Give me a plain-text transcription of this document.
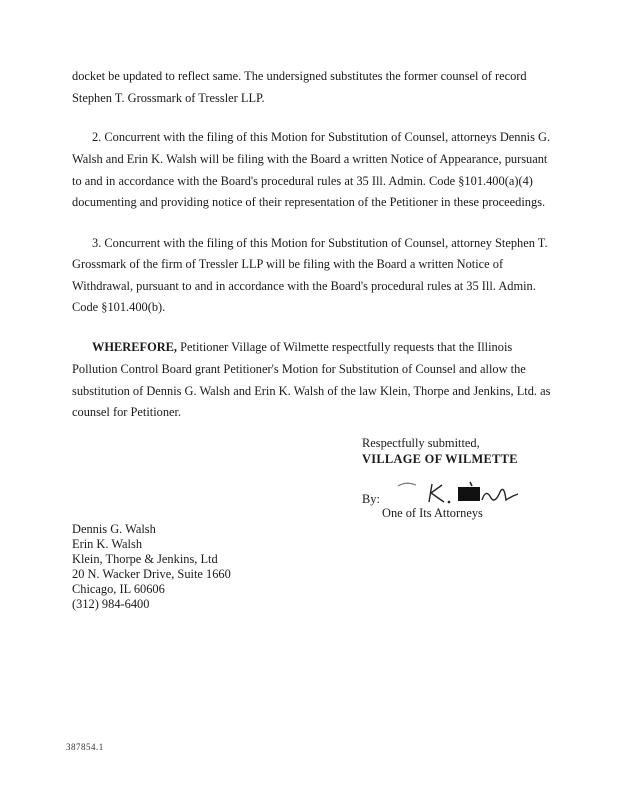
docket be updated to reflect same. The undersigned substitutes the former counsel of record
Stephen T. Grossmark of Tressler LLP.
2. Concurrent with the filing of this Motion for Substitution of Counsel, attorneys Dennis G.
Walsh and Erin K. Walsh will be filing with the Board a written Notice of Appearance, pursuant
to and in accordance with the Board's procedural rules at 35 Ill. Admin. Code §101.400(a)(4)
documenting and providing notice of their representation of the Petitioner in these proceedings.
3. Concurrent with the filing of this Motion for Substitution of Counsel, attorney Stephen T.
Grossmark of the firm of Tressler LLP will be filing with the Board a written Notice of
Withdrawal, pursuant to and in accordance with the Board's procedural rules at 35 Ill. Admin.
Code §101.400(b).
WHEREFORE, Petitioner Village of Wilmette respectfully requests that the Illinois
Pollution Control Board grant Petitioner's Motion for Substitution of Counsel and allow the
substitution of Dennis G. Walsh and Erin K. Walsh of the law Klein, Thorpe and Jenkins, Ltd. as
counsel for Petitioner.
Respectfully submitted,
VILLAGE OF WILMETTE
By:
One of Its Attorneys
Dennis G. Walsh
Erin K. Walsh
Klein, Thorpe & Jenkins, Ltd
20 N. Wacker Drive, Suite 1660
Chicago, IL 60606
(312) 984-6400
387854.1
